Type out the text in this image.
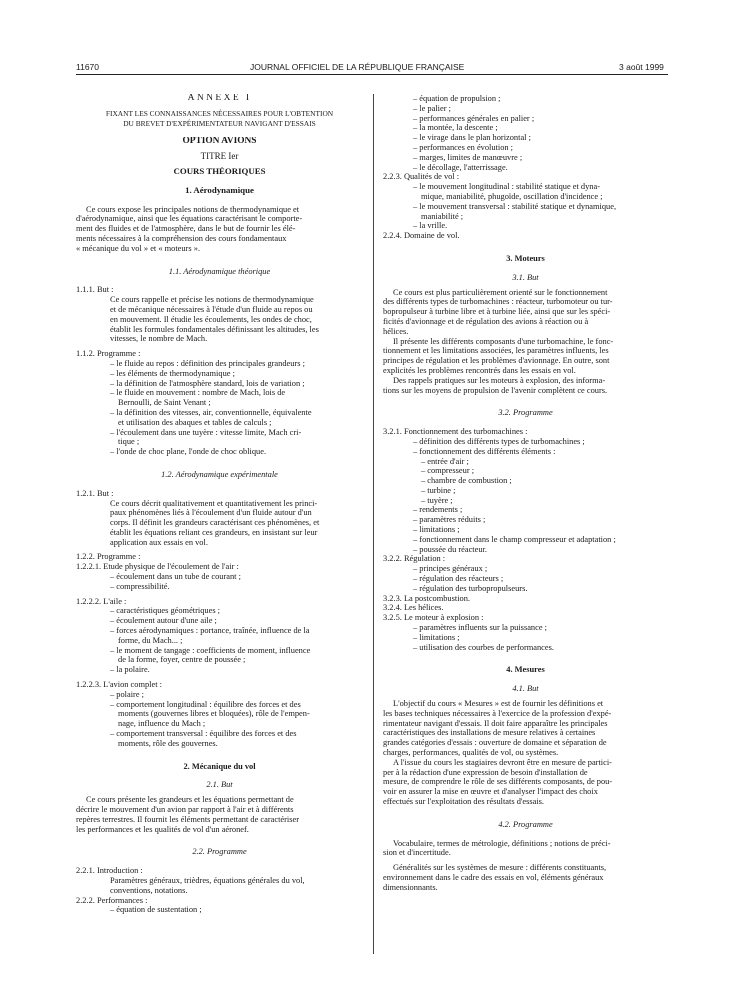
11670	JOURNAL OFFICIEL DE LA RÉPUBLIQUE FRANÇAISE	3 août 1999
ANNEXE I
FIXANT LES CONNAISSANCES NÉCESSAIRES POUR L'OBTENTION
DU BREVET D'EXPÉRIMENTATEUR NAVIGANT D'ESSAIS
OPTION AVIONS
TITRE Ier
COURS THÉORIQUES
1. Aérodynamique
Ce cours expose les principales notions de thermodynamique et
d'aérodynamique, ainsi que les équations caractérisant le comporte-
ment des fluides et de l'atmosphère, dans le but de fournir les élé-
ments nécessaires à la compréhension des cours fondamentaux
« mécanique du vol » et « moteurs ».
1.1. Aérodynamique théorique
1.1.1. But :
Ce cours rappelle et précise les notions de thermodynamique
et de mécanique nécessaires à l'étude d'un fluide au repos ou
en mouvement. Il étudie les écoulements, les ondes de choc,
établit les formules fondamentales définissant les altitudes, les
vitesses, le nombre de Mach.
1.1.2. Programme :
– le fluide au repos : définition des principales grandeurs ;
– les éléments de thermodynamique ;
– la définition de l'atmosphère standard, lois de variation ;
– le fluide en mouvement : nombre de Mach, lois de
Bernoulli, de Saint Venant ;
– la définition des vitesses, air, conventionnelle, équivalente
et utilisation des abaques et tables de calculs ;
– l'écoulement dans une tuyère : vitesse limite, Mach cri-
tique ;
– l'onde de choc plane, l'onde de choc oblique.
1.2. Aérodynamique expérimentale
1.2.1. But :
Ce cours décrit qualitativement et quantitativement les princi-
paux phénomènes liés à l'écoulement d'un fluide autour d'un
corps. Il définit les grandeurs caractérisant ces phénomènes, et
établit les équations reliant ces grandeurs, en insistant sur leur
application aux essais en vol.
1.2.2. Programme :
1.2.2.1. Etude physique de l'écoulement de l'air :
– écoulement dans un tube de courant ;
– compressibilité.
1.2.2.2. L'aile :
– caractéristiques géométriques ;
– écoulement autour d'une aile ;
– forces aérodynamiques : portance, traînée, influence de la
forme, du Mach... ;
– le moment de tangage : coefficients de moment, influence
de la forme, foyer, centre de poussée ;
– la polaire.
1.2.2.3. L'avion complet :
– polaire ;
– comportement longitudinal : équilibre des forces et des
moments (gouvernes libres et bloquées), rôle de l'empen-
nage, influence du Mach ;
– comportement transversal : équilibre des forces et des
moments, rôle des gouvernes.
2. Mécanique du vol
2.1. But
Ce cours présente les grandeurs et les équations permettant de
décrire le mouvement d'un avion par rapport à l'air et à différents
repères terrestres. Il fournit les éléments permettant de caractériser
les performances et les qualités de vol d'un aéronef.
2.2. Programme
2.2.1. Introduction :
Paramètres généraux, trièdres, équations générales du vol,
conventions, notations.
2.2.2. Performances :
– équation de sustentation ;
– équation de propulsion ;
– le palier ;
– performances générales en palier ;
– la montée, la descente ;
– le virage dans le plan horizontal ;
– performances en évolution ;
– marges, limites de manœuvre ;
– le décollage, l'atterrissage.
2.2.3. Qualités de vol :
– le mouvement longitudinal : stabilité statique et dyna-
mique, maniabilité, phugoïde, oscillation d'incidence ;
– le mouvement transversal : stabilité statique et dynamique,
maniabilité ;
– la vrille.
2.2.4. Domaine de vol.
3. Moteurs
3.1. But
Ce cours est plus particulièrement orienté sur le fonctionnement
des différents types de turbomachines : réacteur, turbomoteur ou tur-
bopropulseur à turbine libre et à turbine liée, ainsi que sur les spéci-
ficités d'avionnage et de régulation des avions à réaction ou à
hélices.
Il présente les différents composants d'une turbomachine, le fonc-
tionnement et les limitations associées, les paramètres influents, les
principes de régulation et les problèmes d'avionnage. En outre, sont
explicités les problèmes rencontrés dans les essais en vol.
Des rappels pratiques sur les moteurs à explosion, des informa-
tions sur les moyens de propulsion de l'avenir complètent ce cours.
3.2. Programme
3.2.1. Fonctionnement des turbomachines :
– définition des différents types de turbomachines ;
– fonctionnement des différents éléments :
– entrée d'air ;
– compresseur ;
– chambre de combustion ;
– turbine ;
– tuyère ;
– rendements ;
– paramètres réduits ;
– limitations ;
– fonctionnement dans le champ compresseur et adaptation ;
– poussée du réacteur.
3.2.2. Régulation :
– principes généraux ;
– régulation des réacteurs ;
– régulation des turbopropulseurs.
3.2.3. La postcombustion.
3.2.4. Les hélices.
3.2.5. Le moteur à explosion :
– paramètres influents sur la puissance ;
– limitations ;
– utilisation des courbes de performances.
4. Mesures
4.1. But
L'objectif du cours « Mesures » est de fournir les définitions et
les bases techniques nécessaires à l'exercice de la profession d'expé-
rimentateur navigant d'essais. Il doit faire apparaître les principales
caractéristiques des installations de mesure relatives à certaines
grandes catégories d'essais : ouverture de domaine et séparation de
charges, performances, qualités de vol, ou systèmes.
A l'issue du cours les stagiaires devront être en mesure de partici-
per à la rédaction d'une expression de besoin d'installation de
mesure, de comprendre le rôle de ses différents composants, de pou-
voir en assurer la mise en œuvre et d'analyser l'impact des choix
effectués sur l'exploitation des résultats d'essais.
4.2. Programme
Vocabulaire, termes de métrologie, définitions ; notions de préci-
sion et d'incertitude.
Généralités sur les systèmes de mesure : différents constituants,
environnement dans le cadre des essais en vol, éléments généraux
dimensionnants.
